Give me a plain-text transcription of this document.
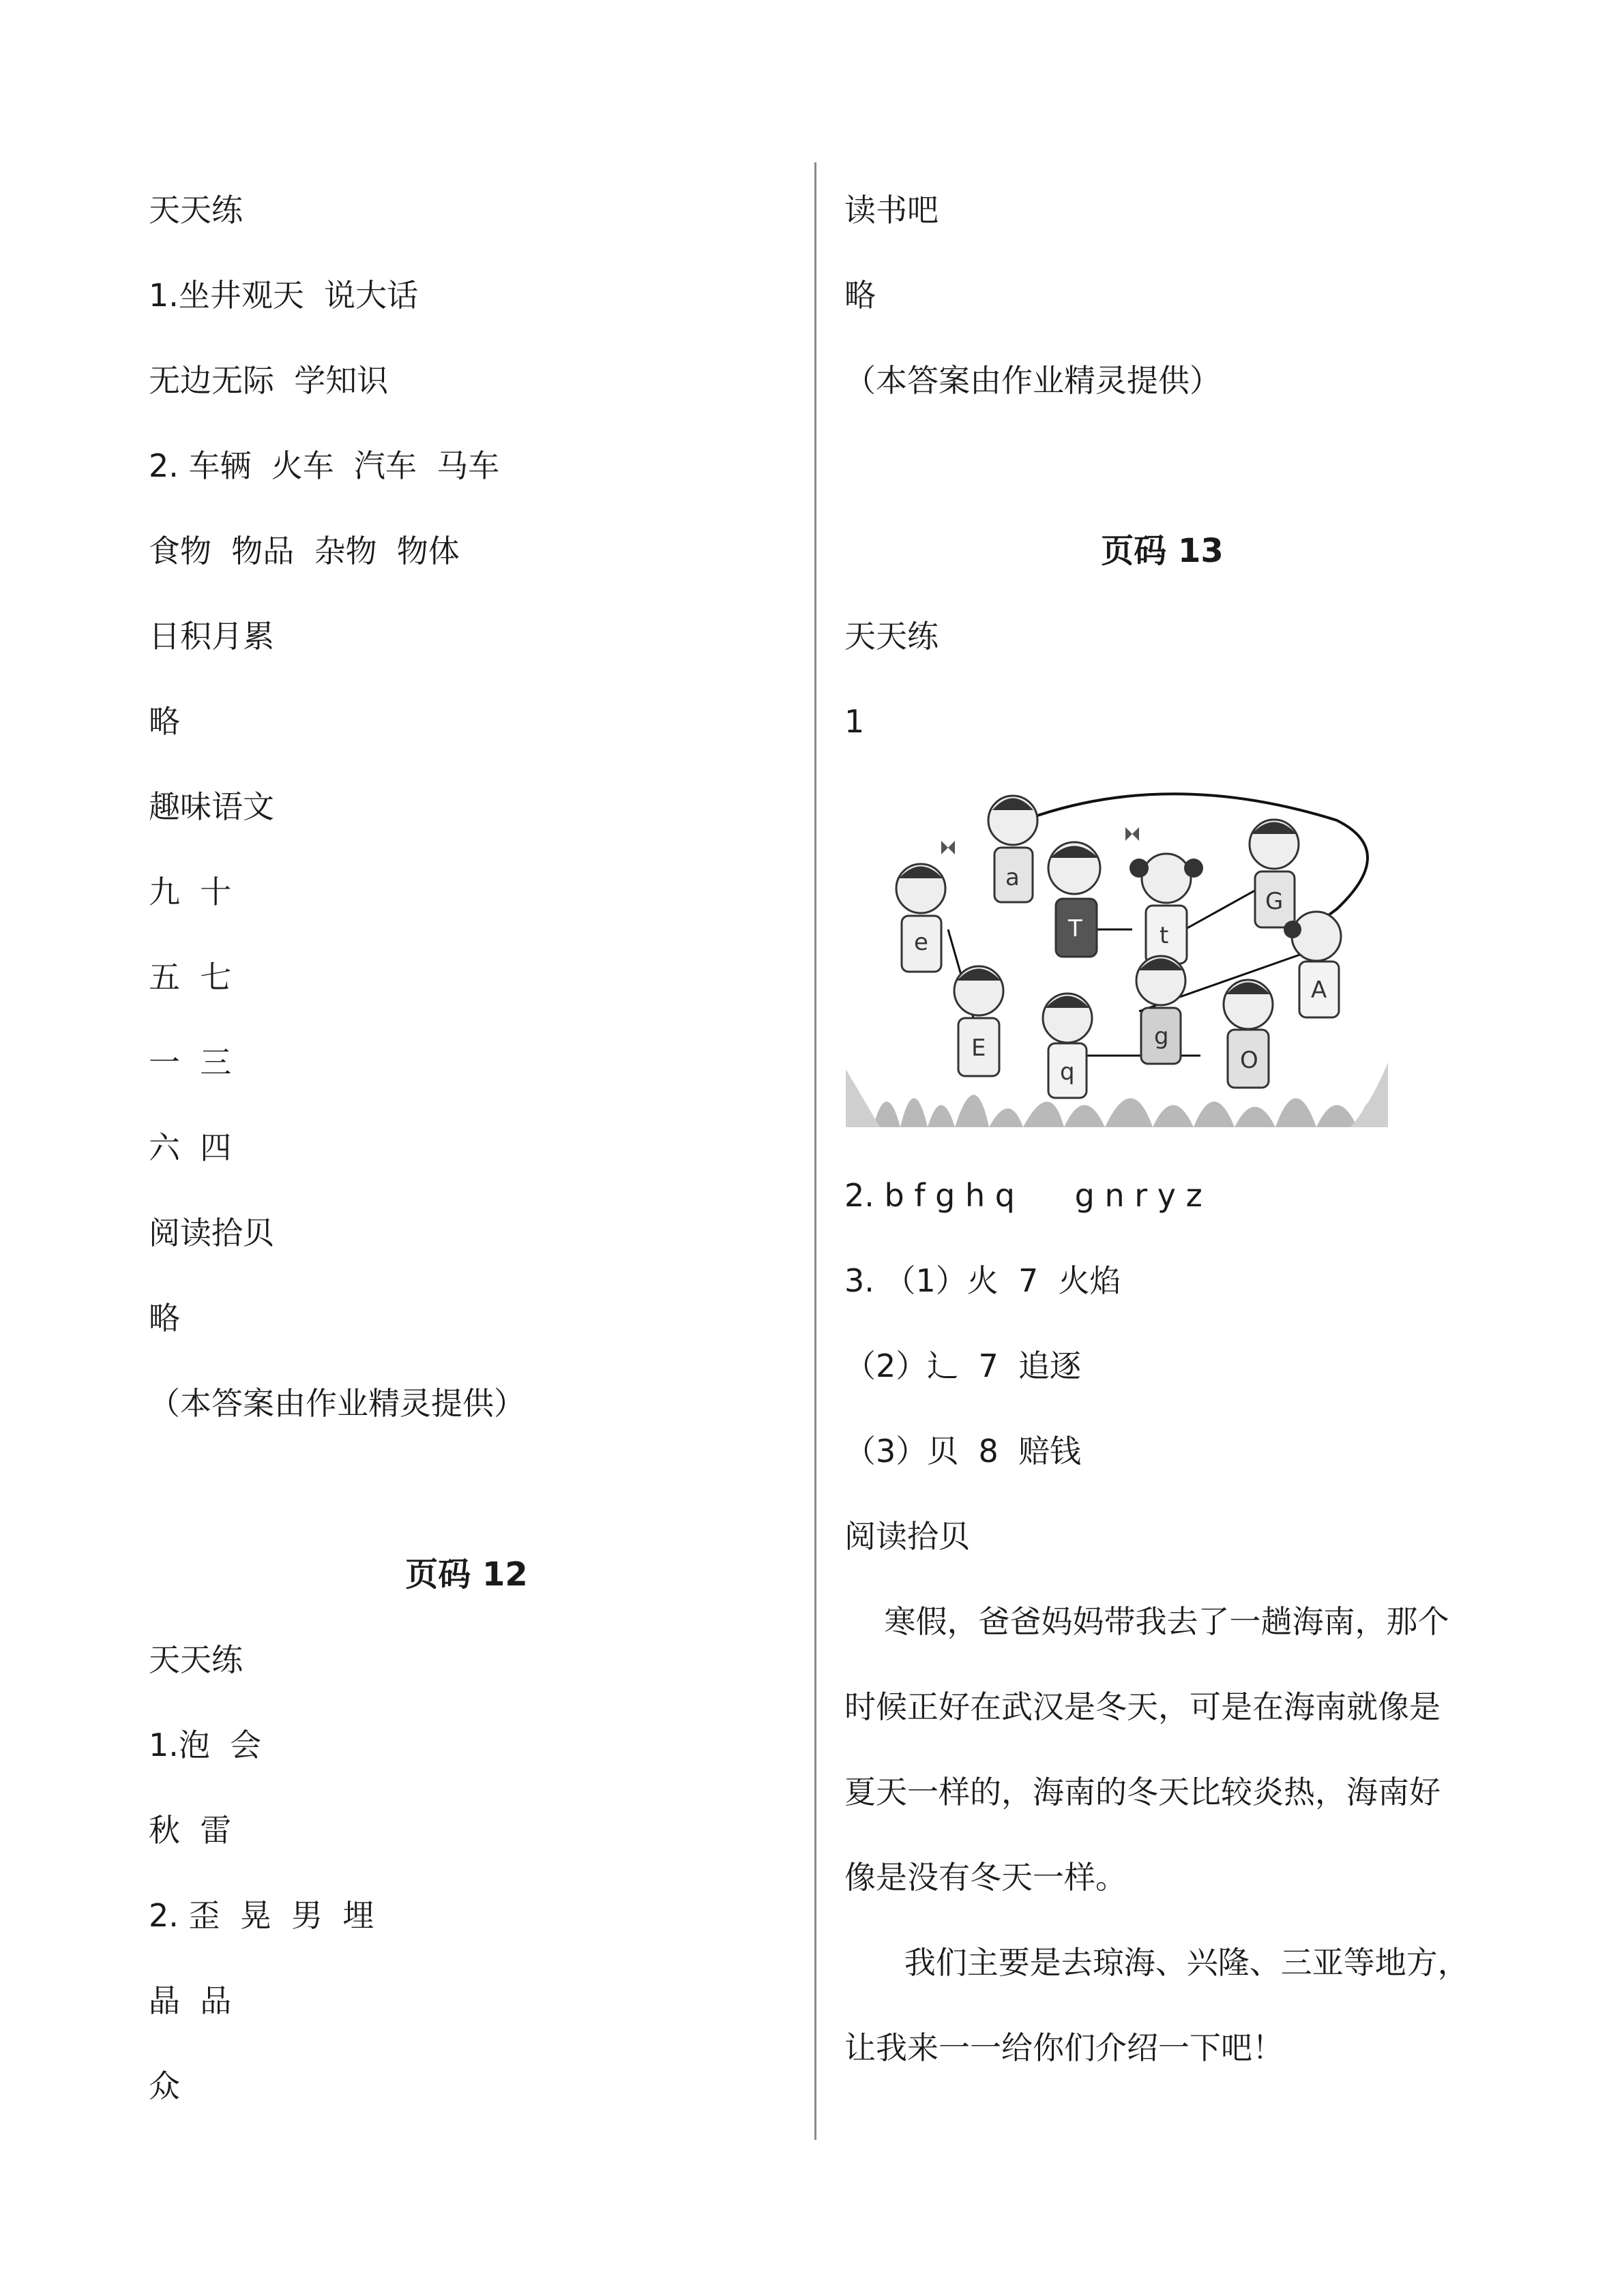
天天练

1.坐井观天  说大话

无边无际  学知识

2. 车辆  火车  汽车  马车

食物  物品  杂物  物体

日积月累

略

趣味语文

九  十

五  七

一  三

六  四

阅读拾贝

略

（本答案由作业精灵提供）

页码 12

天天练

1.泡  会

秋  雷

2. 歪  晃  男  埋

晶  品

众

读书吧

略

（本答案由作业精灵提供）

页码 13

天天练

1

a
T	t
G
e
A
E	g
O
q

2. b f g h q      g n r y z

3. （1）火  7  火焰

（2）辶  7  追逐

（3）贝  8  赔钱

阅读拾贝

寒假，爸爸妈妈带我去了一趟海南，那个

时候正好在武汉是冬天，可是在海南就像是

夏天一样的，海南的冬天比较炎热，海南好

像是没有冬天一样。

我们主要是去琼海、兴隆、三亚等地方，

让我来一一给你们介绍一下吧！
